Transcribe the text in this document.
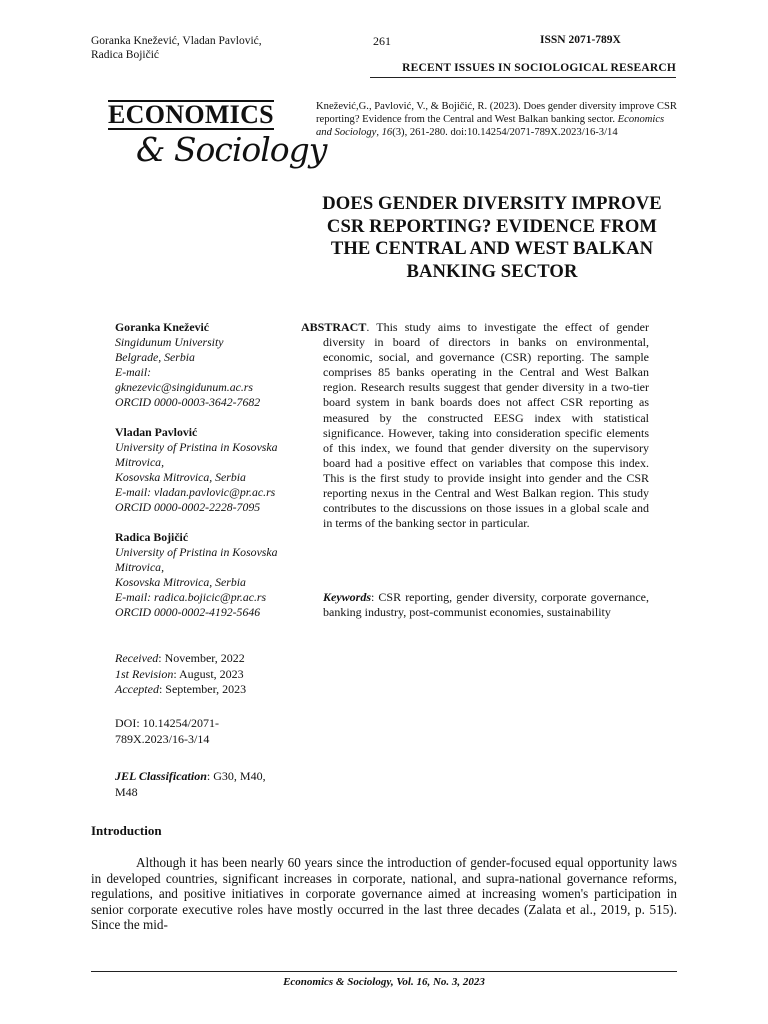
Goranka Knežević, Vladan Pavlović,
Radica Bojičić
261	ISSN 2071-789X
RECENT ISSUES IN SOCIOLOGICAL RESEARCH
ECONOMICS
& Sociology
Knežević,G., Pavlović, V., & Bojičić, R. (2023). Does gender diversity improve CSR reporting? Evidence from the Central and West Balkan banking sector. Economics and Sociology, 16(3), 261-280. doi:10.14254/2071-789X.2023/16-3/14
DOES GENDER DIVERSITY IMPROVE CSR REPORTING? EVIDENCE FROM THE CENTRAL AND WEST BALKAN BANKING SECTOR
Goranka Knežević
Singidunum University
Belgrade, Serbia
E-mail:
gknezevic@singidunum.ac.rs
ORCID 0000-0003-3642-7682
Vladan Pavlović
University of Pristina in Kosovska
Mitrovica,
Kosovska Mitrovica, Serbia
E-mail: vladan.pavlovic@pr.ac.rs
ORCID 0000-0002-2228-7095
Radica Bojičić
University of Pristina in Kosovska
Mitrovica,
Kosovska Mitrovica, Serbia
E-mail: radica.bojicic@pr.ac.rs
ORCID 0000-0002-4192-5646
Received: November, 2022
1st Revision: August, 2023
Accepted: September, 2023
DOI: 10.14254/2071-
789X.2023/16-3/14
JEL Classification: G30, M40, M48
ABSTRACT. This study aims to investigate the effect of gender diversity in board of directors in banks on environmental, economic, social, and governance (CSR) reporting. The sample comprises 85 banks operating in the Central and West Balkan region. Research results suggest that gender diversity in a two-tier board system in bank boards does not affect CSR reporting as measured by the constructed EESG index with statistical significance. However, taking into consideration specific elements of this index, we found that gender diversity on the supervisory board had a positive effect on variables that compose this index. This is the first study to provide insight into gender and the CSR reporting nexus in the Central and West Balkan region. This study contributes to the discussions on those issues in a global scale and in terms of the banking sector in particular.
Keywords: CSR reporting, gender diversity, corporate governance, banking industry, post-communist economies, sustainability
Introduction
Although it has been nearly 60 years since the introduction of gender-focused equal opportunity laws in developed countries, significant increases in corporate, national, and supra-national governance reforms, regulations, and positive initiatives in corporate governance aimed at increasing women's participation in senior corporate executive roles have mostly occurred in the last three decades (Zalata et al., 2019, p. 515). Since the mid-
Economics & Sociology, Vol. 16, No. 3, 2023
